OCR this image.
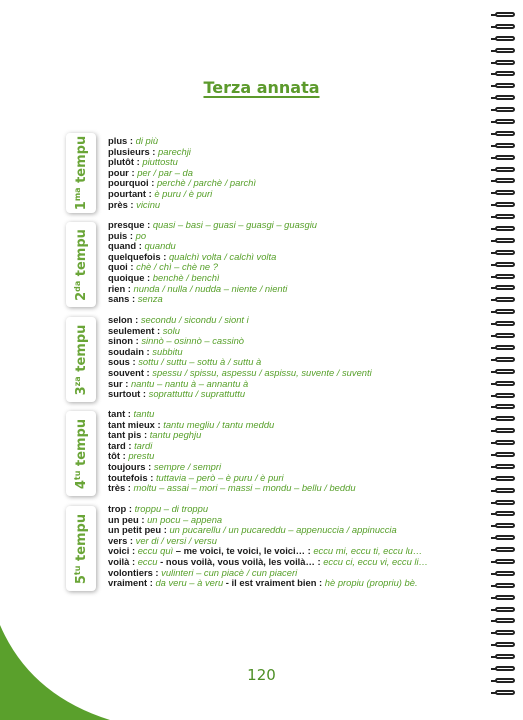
Terza annata
$1^{ma}$ tempu
$2^{da}$ tempu
$3^{za}$ tempu
$4^{tu}$ tempu
$5^{tu}$ tempu
plus : di più
plusieurs : parechji
plutôt : piuttostu
pour : per / par – da
pourquoi : perchè / parchè / parchì
pourtant : è puru / è puri
près : vicinu
presque : quasi – basi – guasi – guasgi – guasgiu
puis : po
quand : quandu
quelquefois : qualchì volta / calchì volta
quoi : chè / chì – chè ne ?
quoique : benchè / benchì
rien : nunda / nulla / nudda – niente / nienti
sans : senza
selon : secondu / sicondu / siont i
seulement : solu
sinon : sinnò – osinnò – cassinò
soudain : subbitu
sous : sottu / suttu – sottu à / suttu à
souvent : spessu / spissu, aspessu / aspissu, suvente / suventi
sur : nantu – nantu à – annantu à
surtout : soprattuttu / suprattuttu
tant : tantu
tant mieux : tantu megliu / tantu meddu
tant pis : tantu peghju
tard : tardi
tôt : prestu
toujours : sempre / sempri
toutefois : tuttavia – però – è puru / è puri
très : moltu – assai – mori – massi – mondu – bellu / beddu
trop : troppu – di troppu
un peu : un pocu – appena
un petit peu : un pucarellu / un pucareddu – appenuccia / appinuccia
vers : ver di / versi / versu
voici : eccu quì – me voici, te voici, le voici… : eccu mi, eccu ti, eccu lu…
voilà : eccu - nous voilà, vous voilà, les voilà… : eccu ci, eccu vi, eccu li…
volontiers : vulinteri – cun piacè / cun piaceri
vraiment : da veru – à veru - il est vraiment bien : hè propiu (propriu) bè.
120
